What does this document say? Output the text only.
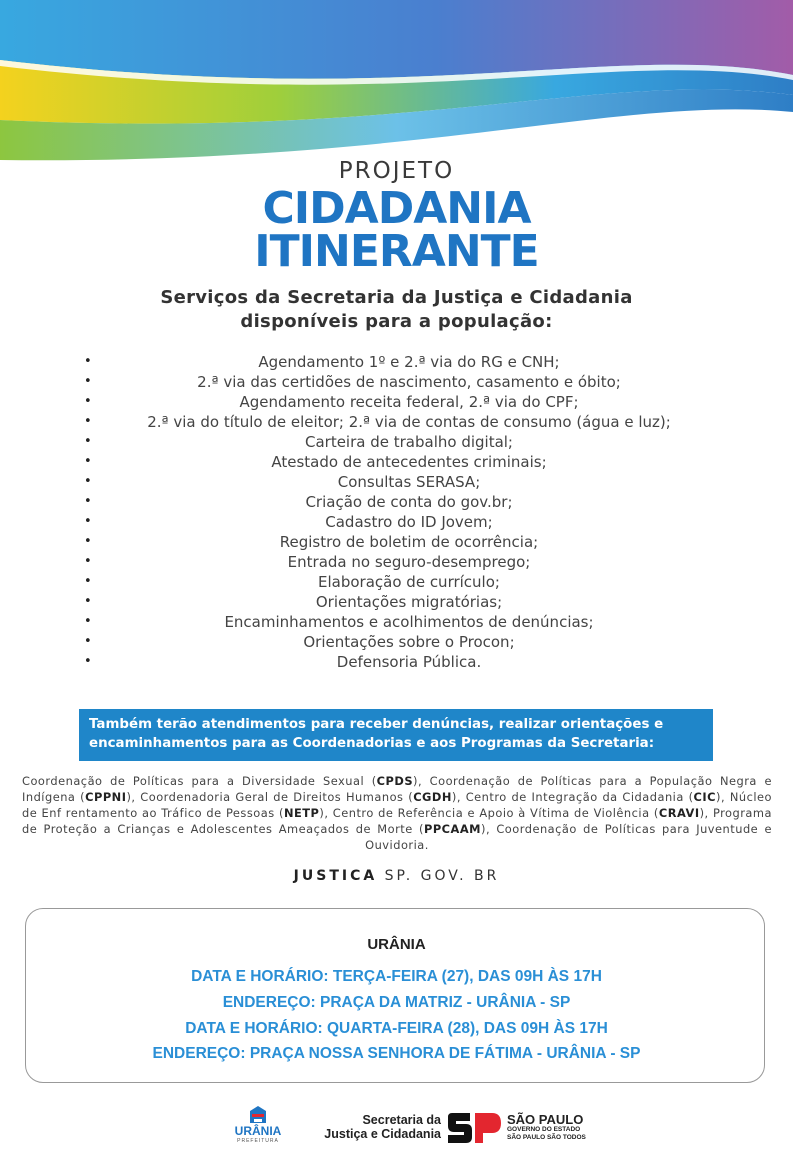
PROJETO
CIDADANIA
ITINERANTE
Serviços da Secretaria da Justiça e Cidadania
disponíveis para a população:
• Agendamento 1º e 2.ª via do RG e CNH;
• 2.ª via das certidões de nascimento, casamento e óbito;
• Agendamento receita federal, 2.ª via do CPF;
• 2.ª via do título de eleitor; 2.ª via de contas de consumo (água e luz);
• Carteira de trabalho digital;
• Atestado de antecedentes criminais;
• Consultas SERASA;
• Criação de conta do gov.br;
• Cadastro do ID Jovem;
• Registro de boletim de ocorrência;
• Entrada no seguro-desemprego;
• Elaboração de currículo;
• Orientações migratórias;
• Encaminhamentos e acolhimentos de denúncias;
• Orientações sobre o Procon;
• Defensoria Pública.
Também terão atendimentos para receber denúncias, realizar orientações e
encaminhamentos para as Coordenadorias e aos Programas da Secretaria:
Coordenação de Políticas para a Diversidade Sexual (CPDS), Coordenação de Políticas para a População Negra e Indígena (CPPNI), Coordenadoria Geral de Direitos Humanos (CGDH), Centro de Integração da Cidadania (CIC), Núcleo de Enf rentamento ao Tráfico de Pessoas (NETP), Centro de Referência e Apoio à Vítima de Violência (CRAVI), Programa de Proteção a Crianças e Adolescentes Ameaçados de Morte (PPCAAM), Coordenação de Políticas para Juventude e Ouvidoria.
JUSTICA SP. GOV. BR
URÂNIA
DATA E HORÁRIO: TERÇA-FEIRA (27), DAS 09H ÀS 17H
ENDEREÇO: PRAÇA DA MATRIZ - URÂNIA - SP
DATA E HORÁRIO: QUARTA-FEIRA (28), DAS 09H ÀS 17H
ENDEREÇO: PRAÇA NOSSA SENHORA DE FÁTIMA - URÂNIA - SP
URÂNIA
PREFEITURA
Secretaria da
Justiça e Cidadania
SÃO PAULO
GOVERNO DO ESTADO
SÃO PAULO SÃO TODOS
